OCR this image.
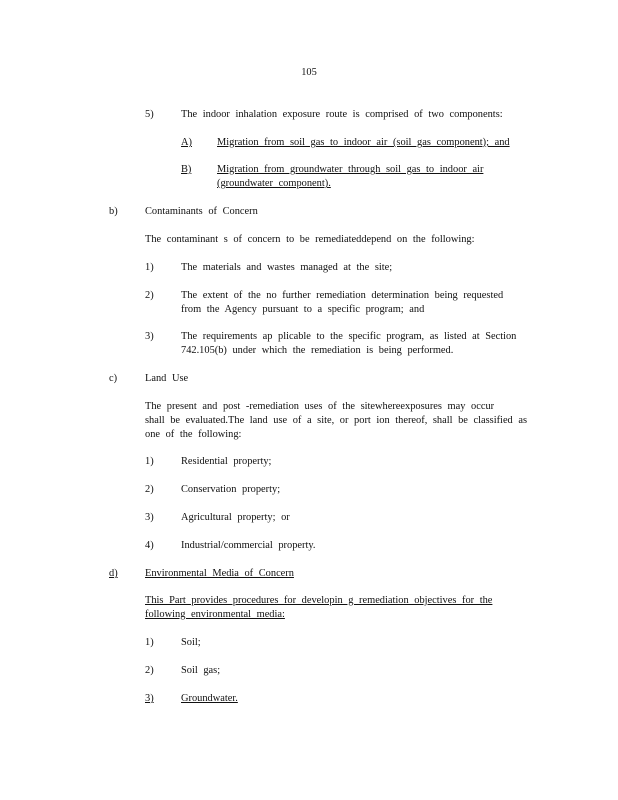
105
5)	The indoor inhalation exposure route is comprised of two components:
A) Migration from soil gas to indoor air (soil gas component); and
B) Migration from groundwater through soil gas to indoor air
(groundwater component).
b)	Contaminants of Concern
The contaminant s of concern to be remediateddepend on the following:
1)	The materials and wastes managed at the site;
2)	The extent of the no further remediation determination being requested
from the Agency pursuant to a specific program; and
3)	The requirements ap plicable to the specific program, as listed at Section
742.105(b) under which the remediation is being performed.
c)	Land Use
The present and post -remediation uses of the sitewhereexposures may occur
shall be evaluated.The land use of a site, or port ion thereof, shall be classified as
one of the following:
1)	Residential property;
2)	Conservation property;
3)	Agricultural property; or
4)	Industrial/commercial property.
d)	Environmental Media of Concern
This Part provides procedures for developin g remediation objectives for the
following environmental media:
1)	Soil;
2)	Soil gas;
3)	Groundwater.
